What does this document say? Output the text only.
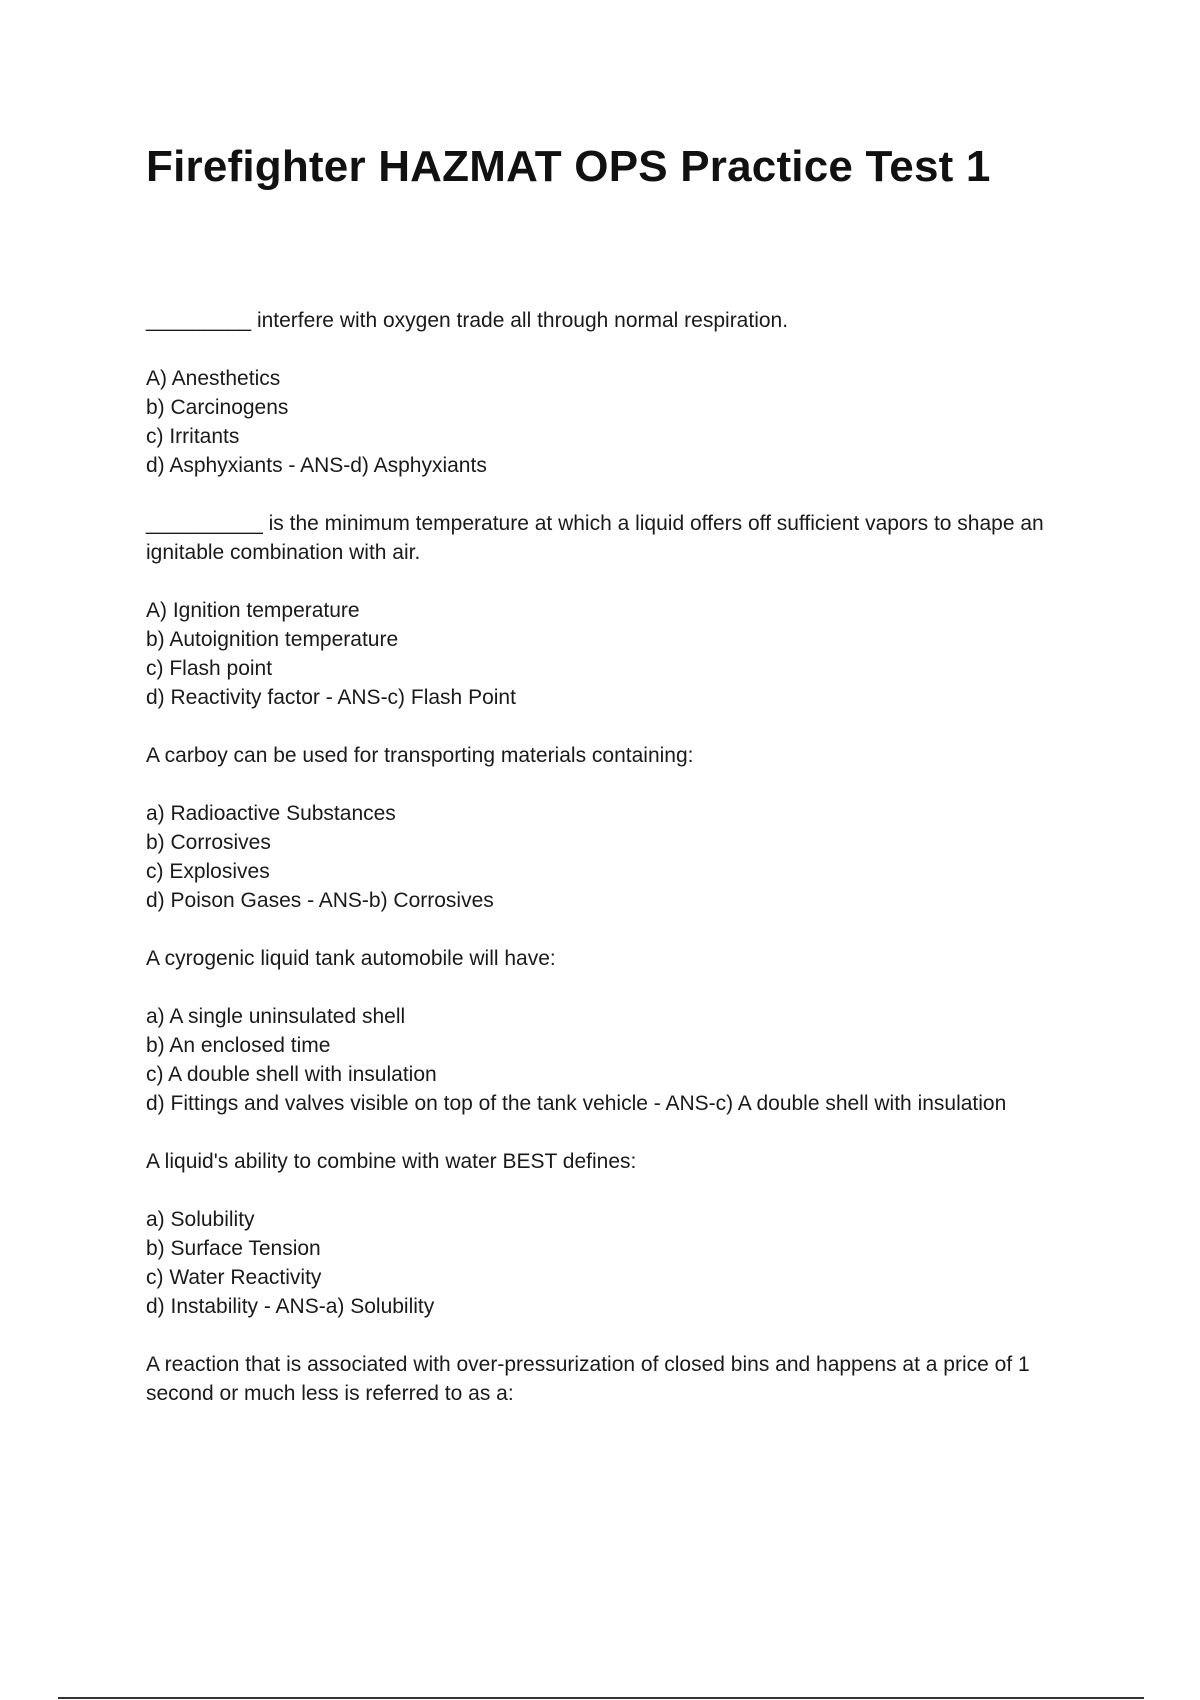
Firefighter HAZMAT OPS Practice Test 1

_________ interfere with oxygen trade all through normal respiration.

A) Anesthetics
b) Carcinogens
c) Irritants
d) Asphyxiants - ANS-d) Asphyxiants

__________ is the minimum temperature at which a liquid offers off sufficient vapors to shape an ignitable combination with air.

A) Ignition temperature
b) Autoignition temperature
c) Flash point
d) Reactivity factor - ANS-c) Flash Point

A carboy can be used for transporting materials containing:

a) Radioactive Substances
b) Corrosives
c) Explosives
d) Poison Gases - ANS-b) Corrosives

A cyrogenic liquid tank automobile will have:

a) A single uninsulated shell
b) An enclosed time
c) A double shell with insulation
d) Fittings and valves visible on top of the tank vehicle - ANS-c) A double shell with insulation

A liquid's ability to combine with water BEST defines:

a) Solubility
b) Surface Tension
c) Water Reactivity
d) Instability - ANS-a) Solubility

A reaction that is associated with over-pressurization of closed bins and happens at a price of 1 second or much less is referred to as a:
